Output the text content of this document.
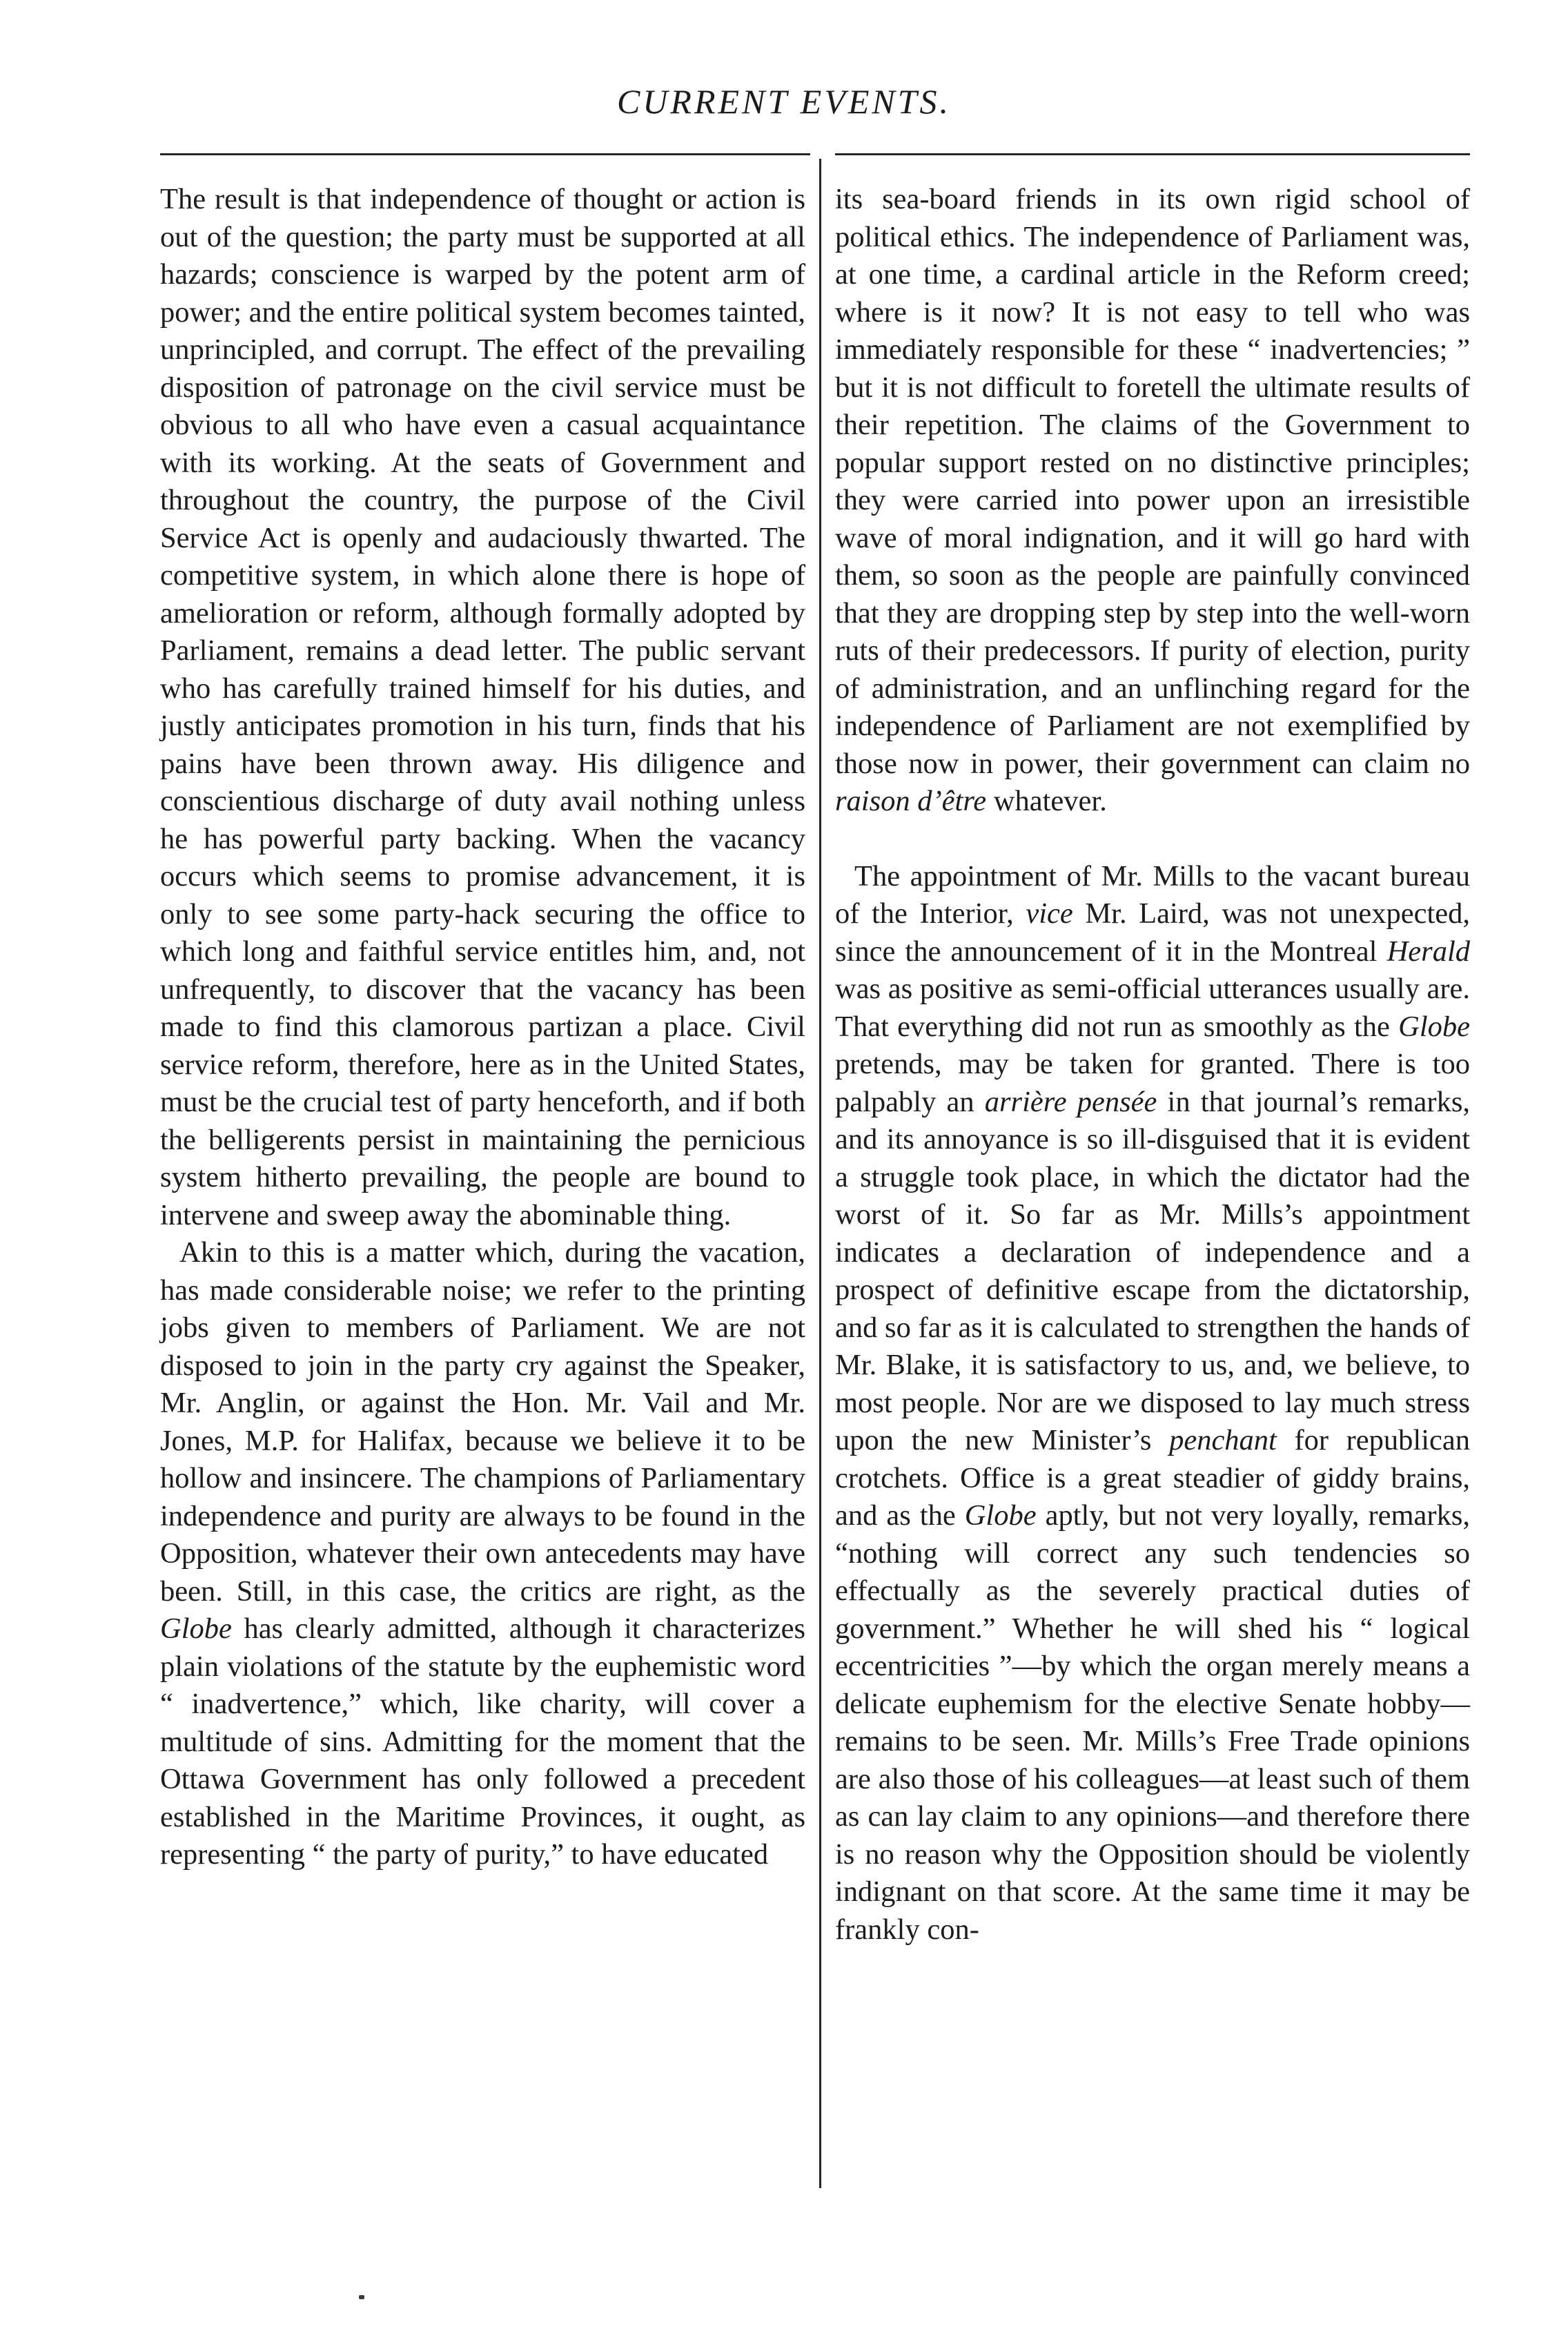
CURRENT EVENTS.

The result is that independence of thought or action is out of the question; the party must be supported at all hazards; conscience is warped by the potent arm of power; and the entire political system becomes tainted, unprincipled, and corrupt. The effect of the prevailing disposition of patronage on the civil service must be obvious to all who have even a casual acquaintance with its working. At the seats of Government and throughout the country, the purpose of the Civil Service Act is openly and audaciously thwarted. The competitive system, in which alone there is hope of amelioration or reform, although formally adopted by Parliament, remains a dead letter. The public servant who has carefully trained himself for his duties, and justly anticipates promotion in his turn, finds that his pains have been thrown away. His diligence and conscientious discharge of duty avail nothing unless he has powerful party backing. When the vacancy occurs which seems to promise advancement, it is only to see some party-hack securing the office to which long and faithful service entitles him, and, not unfrequently, to discover that the vacancy has been made to find this clamorous partizan a place. Civil service reform, therefore, here as in the United States, must be the crucial test of party henceforth, and if both the belligerents persist in maintaining the pernicious system hitherto prevailing, the people are bound to intervene and sweep away the abominable thing.

Akin to this is a matter which, during the vacation, has made considerable noise; we refer to the printing jobs given to members of Parliament. We are not disposed to join in the party cry against the Speaker, Mr. Anglin, or against the Hon. Mr. Vail and Mr. Jones, M.P. for Halifax, because we believe it to be hollow and insincere. The champions of Parliamentary independence and purity are always to be found in the Opposition, whatever their own antecedents may have been. Still, in this case, the critics are right, as the Globe has clearly admitted, although it characterizes plain violations of the statute by the euphemistic word “ inadvertence,” which, like charity, will cover a multitude of sins. Admitting for the moment that the Ottawa Government has only followed a precedent established in the Maritime Provinces, it ought, as representing “ the party of purity,” to have educated

its sea-board friends in its own rigid school of political ethics. The independence of Parliament was, at one time, a cardinal article in the Reform creed; where is it now? It is not easy to tell who was immediately responsible for these “ inadvertencies; ” but it is not difficult to foretell the ultimate results of their repetition. The claims of the Government to popular support rested on no distinctive principles; they were carried into power upon an irresistible wave of moral indignation, and it will go hard with them, so soon as the people are painfully convinced that they are dropping step by step into the well-worn ruts of their predecessors. If purity of election, purity of administration, and an unflinching regard for the independence of Parliament are not exemplified by those now in power, their government can claim no raison d’être whatever.

The appointment of Mr. Mills to the vacant bureau of the Interior, vice Mr. Laird, was not unexpected, since the announcement of it in the Montreal Herald was as positive as semi-official utterances usually are. That everything did not run as smoothly as the Globe pretends, may be taken for granted. There is too palpably an arrière pensée in that journal’s remarks, and its annoyance is so ill-disguised that it is evident a struggle took place, in which the dictator had the worst of it. So far as Mr. Mills’s appointment indicates a declaration of independence and a prospect of definitive escape from the dictatorship, and so far as it is calculated to strengthen the hands of Mr. Blake, it is satisfactory to us, and, we believe, to most people. Nor are we disposed to lay much stress upon the new Minister’s penchant for republican crotchets. Office is a great steadier of giddy brains, and as the Globe aptly, but not very loyally, remarks, “nothing will correct any such tendencies so effectually as the severely practical duties of government.” Whether he will shed his “ logical eccentricities ”—by which the organ merely means a delicate euphemism for the elective Senate hobby—remains to be seen. Mr. Mills’s Free Trade opinions are also those of his colleagues—at least such of them as can lay claim to any opinions—and therefore there is no reason why the Opposition should be violently indignant on that score. At the same time it may be frankly con-
